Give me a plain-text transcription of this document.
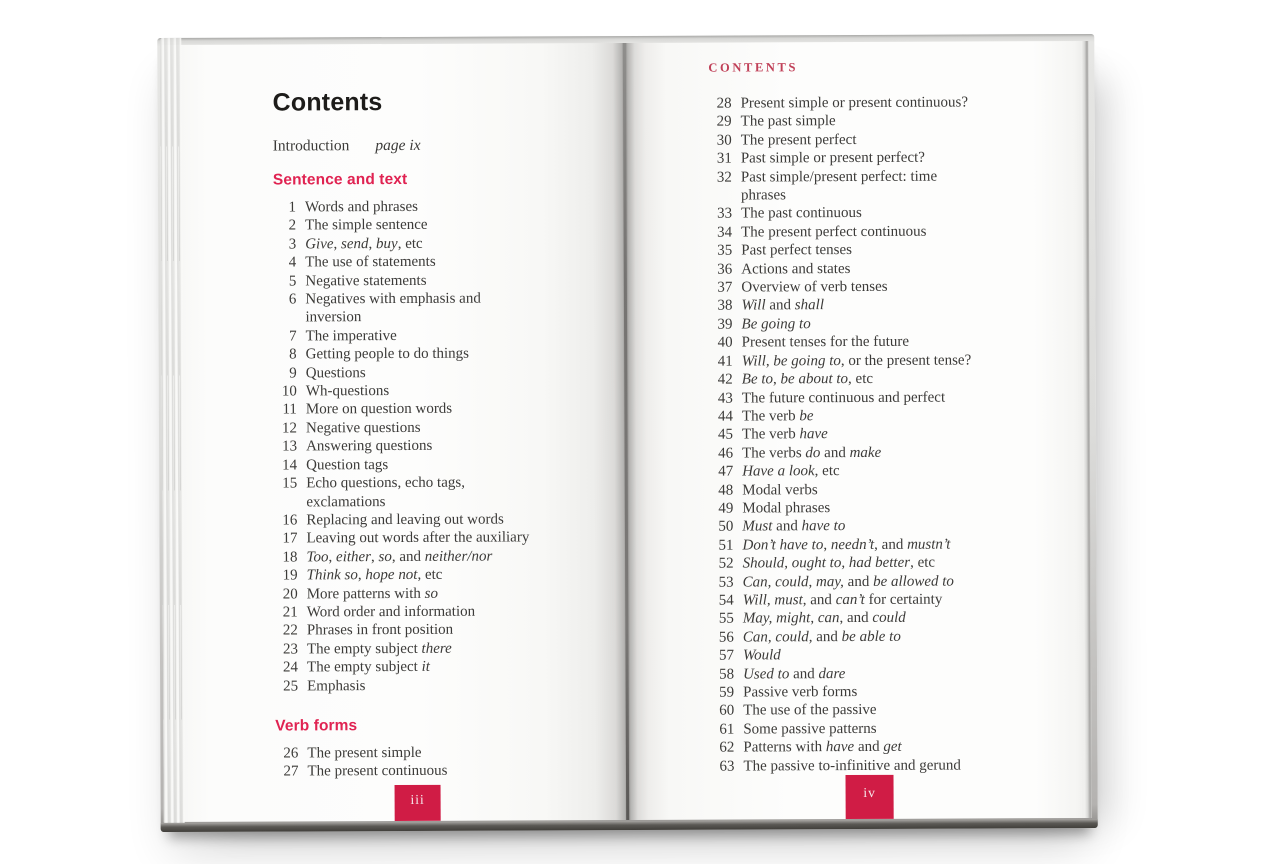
Contents
Introduction page ix
Sentence and text
1 Words and phrases
2 The simple sentence
3 Give, send, buy, etc
4 The use of statements
5 Negative statements
6 Negatives with emphasis and
inversion
7 The imperative
8 Getting people to do things
9 Questions
10 Wh-questions
11 More on question words
12 Negative questions
13 Answering questions
14 Question tags
15 Echo questions, echo tags,
exclamations
16 Replacing and leaving out words
17 Leaving out words after the auxiliary
18 Too, either, so, and neither/nor
19 Think so, hope not, etc
20 More patterns with so
21 Word order and information
22 Phrases in front position
23 The empty subject there
24 The empty subject it
25 Emphasis
Verb forms
26 The present simple
27 The present continuous
iii
CONTENTS
28 Present simple or present continuous?
29 The past simple
30 The present perfect
31 Past simple or present perfect?
32 Past simple/present perfect: time
phrases
33 The past continuous
34 The present perfect continuous
35 Past perfect tenses
36 Actions and states
37 Overview of verb tenses
38 Will and shall
39 Be going to
40 Present tenses for the future
41 Will, be going to, or the present tense?
42 Be to, be about to, etc
43 The future continuous and perfect
44 The verb be
45 The verb have
46 The verbs do and make
47 Have a look, etc
48 Modal verbs
49 Modal phrases
50 Must and have to
51 Don’t have to, needn’t, and mustn’t
52 Should, ought to, had better, etc
53 Can, could, may, and be allowed to
54 Will, must, and can’t for certainty
55 May, might, can, and could
56 Can, could, and be able to
57 Would
58 Used to and dare
59 Passive verb forms
60 The use of the passive
61 Some passive patterns
62 Patterns with have and get
63 The passive to-infinitive and gerund
iv
